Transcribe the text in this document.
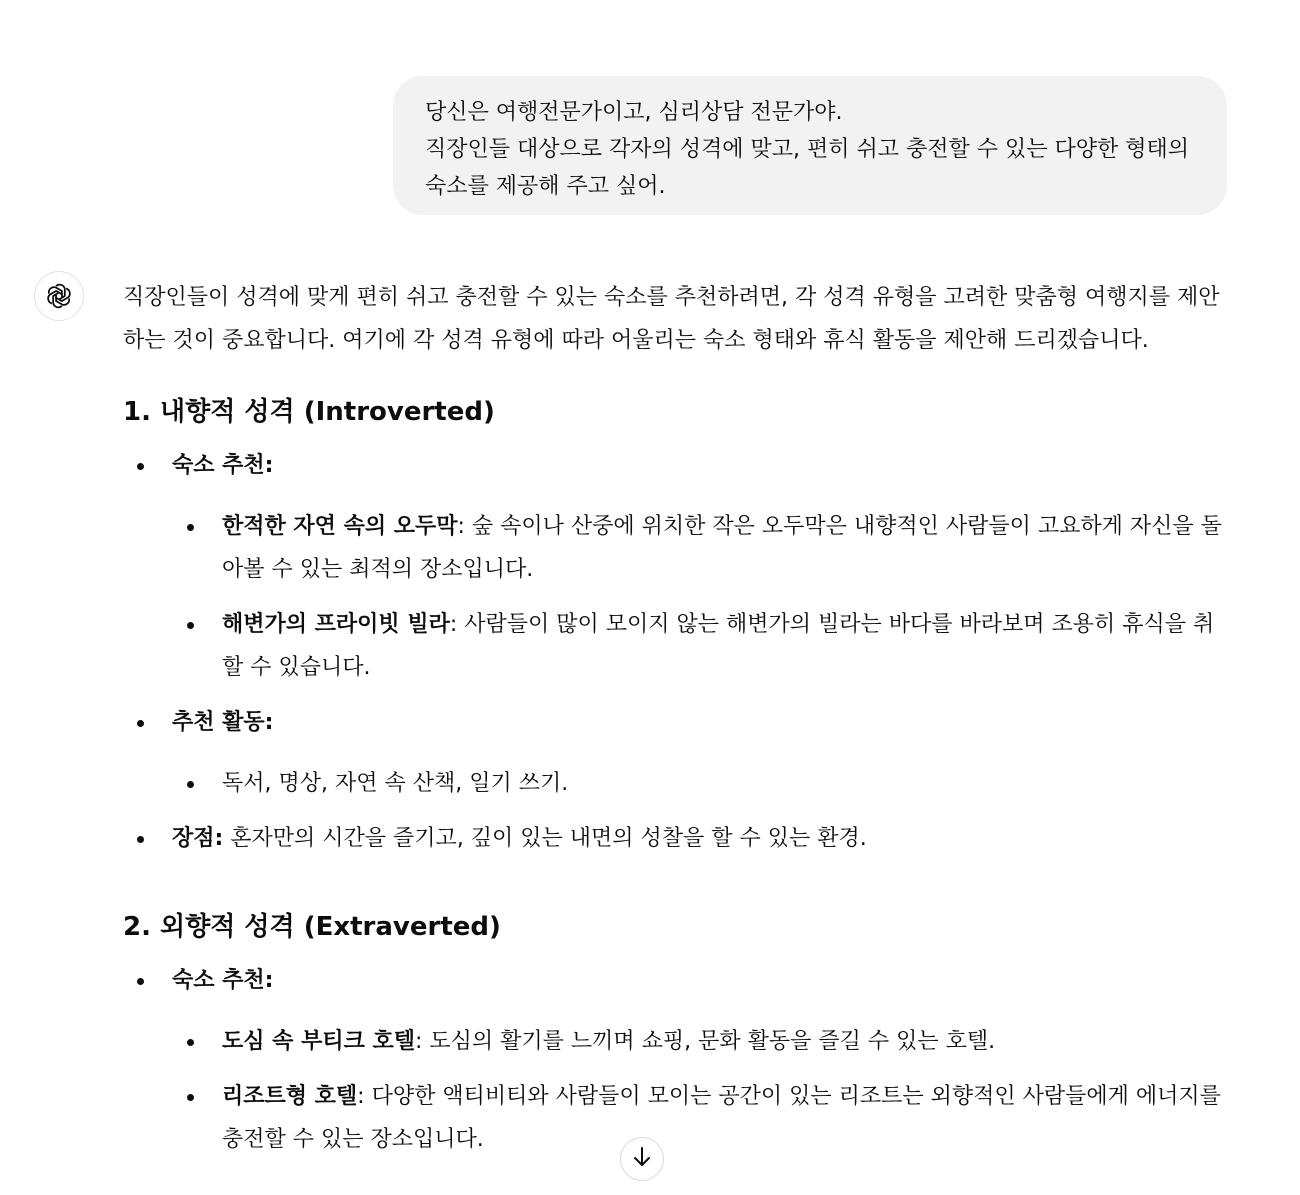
당신은 여행전문가이고, 심리상담 전문가야.

직장인들 대상으로 각자의 성격에 맞고, 편히 쉬고 충전할 수 있는 다양한 형태의 숙소를 제공해 주고 싶어.

직장인들이 성격에 맞게 편히 쉬고 충전할 수 있는 숙소를 추천하려면, 각 성격 유형을 고려한 맞춤형 여행지를 제안하는 것이 중요합니다. 여기에 각 성격 유형에 따라 어울리는 숙소 형태와 휴식 활동을 제안해 드리겠습니다.

1. 내향적 성격 (Introverted)
숙소 추천:
한적한 자연 속의 오두막: 숲 속이나 산중에 위치한 작은 오두막은 내향적인 사람들이 고요하게 자신을 돌아볼 수 있는 최적의 장소입니다.
해변가의 프라이빗 빌라: 사람들이 많이 모이지 않는 해변가의 빌라는 바다를 바라보며 조용히 휴식을 취할 수 있습니다.
추천 활동:
독서, 명상, 자연 속 산책, 일기 쓰기.
장점: 혼자만의 시간을 즐기고, 깊이 있는 내면의 성찰을 할 수 있는 환경.
2. 외향적 성격 (Extraverted)
숙소 추천:
도심 속 부티크 호텔: 도심의 활기를 느끼며 쇼핑, 문화 활동을 즐길 수 있는 호텔.
리조트형 호텔: 다양한 액티비티와 사람들이 모이는 공간이 있는 리조트는 외향적인 사람들에게 에너지를 충전할 수 있는 장소입니다.
